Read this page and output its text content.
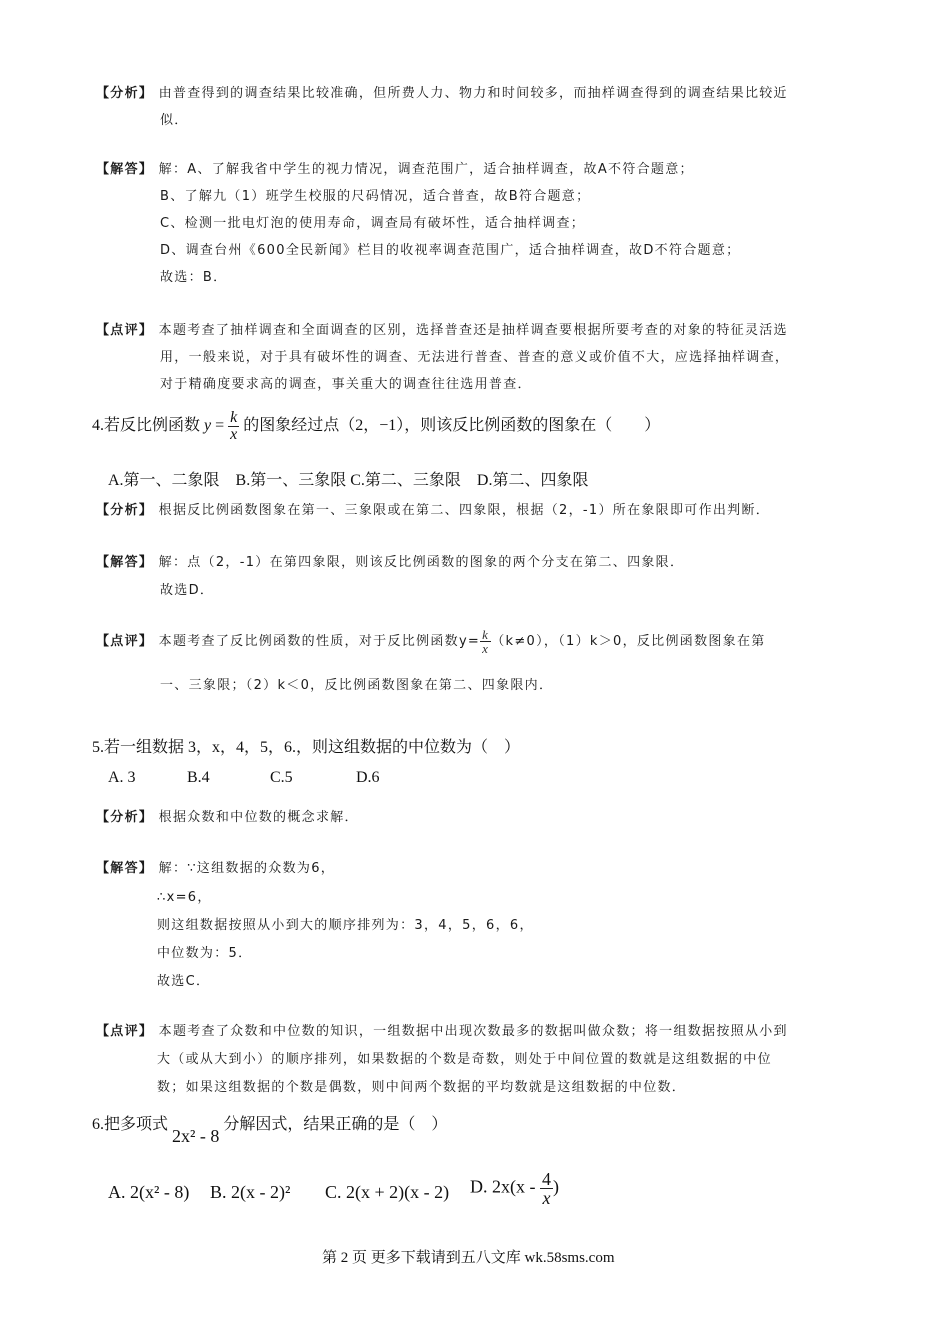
【分析】 由普查得到的调查结果比较准确，但所费人力、物力和时间较多，而抽样调查得到的调查结果比较近
似．
【解答】 解：A、了解我省中学生的视力情况，调查范围广，适合抽样调查，故A不符合题意；
B、了解九（1）班学生校服的尺码情况，适合普查，故B符合题意；
C、检测一批电灯泡的使用寿命，调查局有破坏性，适合抽样调查；
D、调查台州《600全民新闻》栏目的收视率调查范围广，适合抽样调查，故D不符合题意；
故选：B．
【点评】 本题考查了抽样调查和全面调查的区别，选择普查还是抽样调查要根据所要考查的对象的特征灵活选
用，一般来说，对于具有破坏性的调查、无法进行普查、普查的意义或价值不大，应选择抽样调查，
对于精确度要求高的调查，事关重大的调查往往选用普查．
4.若反比例函数 $y = \frac{k}{x}$ 的图象经过点（2，−1），则该反比例函数的图象在（　　）
A.第一、二象限　B.第一、三象限 C.第二、三象限　D.第二、四象限
【分析】 根据反比例函数图象在第一、三象限或在第二、四象限，根据（2，-1）所在象限即可作出判断．
【解答】 解：点（2，-1）在第四象限，则该反比例函数的图象的两个分支在第二、四象限．
故选D．
【点评】 本题考查了反比例函数的性质，对于反比例函数$y= \frac{k}{x} (k\ne 0)$，（1）k＞0，反比例函数图象在第
一、三象限；（2）k＜0，反比例函数图象在第二、四象限内．
5.若一组数据 3，x，4，5，6.，则这组数据的中位数为（　）
A. 3	B.4	C.5	D.6
【分析】 根据众数和中位数的概念求解．
【解答】 解：∵这组数据的众数为6，
∴x=6，
则这组数据按照从小到大的顺序排列为：3，4，5，6，6，
中位数为：5．
故选C．
【点评】 本题考查了众数和中位数的知识，一组数据中出现次数最多的数据叫做众数；将一组数据按照从小到
大（或从大到小）的顺序排列，如果数据的个数是奇数，则处于中间位置的数就是这组数据的中位
数；如果这组数据的个数是偶数，则中间两个数据的平均数就是这组数据的中位数．
6.把多项式 2x² - 8 分解因式，结果正确的是（　）
A. 2(x² - 8) B. 2(x - 2)² C. 2(x + 2)(x - 2) D. $2x(x - \frac{4}{x}$ )
第 2 页 更多下载请到五八文库 wk.58sms.com
